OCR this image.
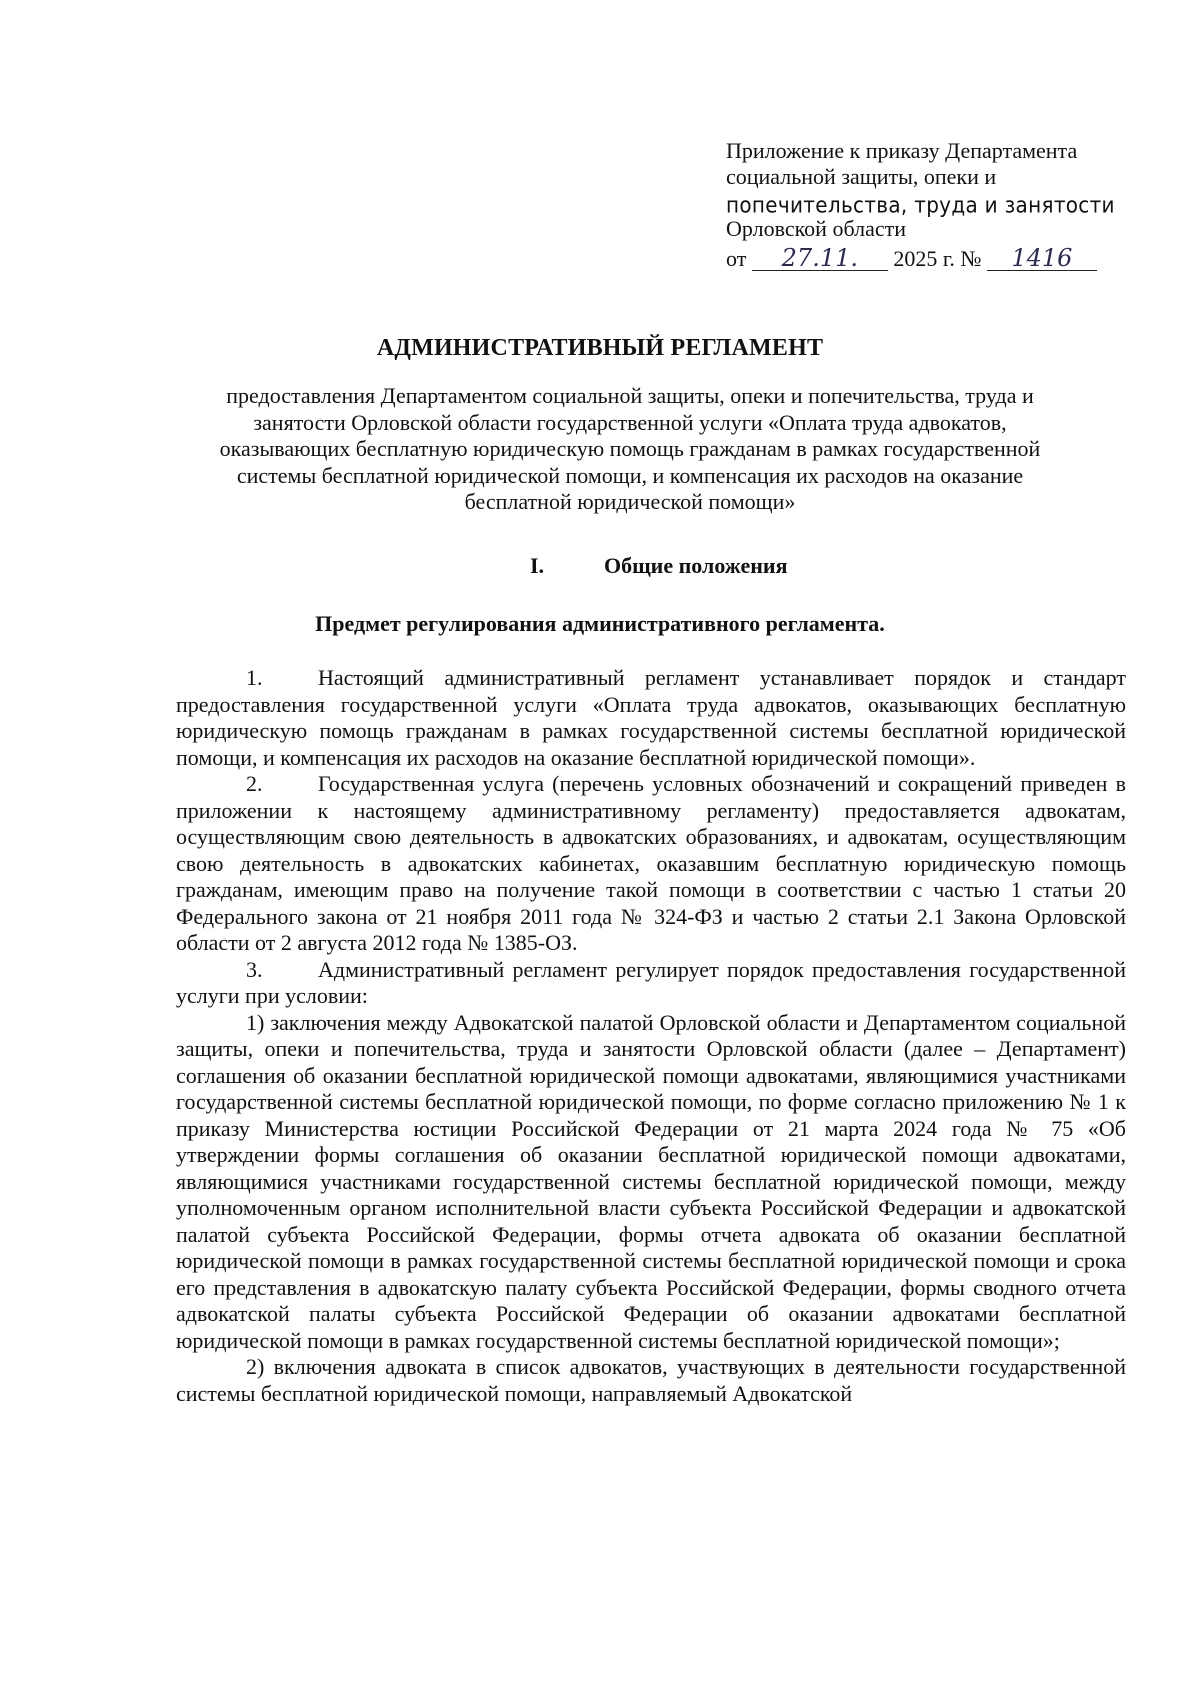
Приложение к приказу Департамента
социальной защиты, опеки и
попечительства, труда и занятости
Орловской области
от 27.11. 2025 г. № 1416
АДМИНИСТРАТИВНЫЙ РЕГЛАМЕНТ
предоставления Департаментом социальной защиты, опеки и попечительства, труда и занятости Орловской области государственной услуги «Оплата труда адвокатов, оказывающих бесплатную юридическую помощь гражданам в рамках государственной системы бесплатной юридической помощи, и компенсация их расходов на оказание бесплатной юридической помощи»
I.	Общие положения
Предмет регулирования административного регламента.

1.	Настоящий административный регламент устанавливает порядок и стандарт предоставления государственной услуги «Оплата труда адвокатов, оказывающих бесплатную юридическую помощь гражданам в рамках государственной системы бесплатной юридической помощи, и компенсация их расходов на оказание бесплатной юридической помощи».

2.	Государственная услуга (перечень условных обозначений и сокращений приведен в приложении к настоящему административному регламенту) предоставляется адвокатам, осуществляющим свою деятельность в адвокатских образованиях, и адвокатам, осуществляющим свою деятельность в адвокатских кабинетах, оказавшим бесплатную юридическую помощь гражданам, имеющим право на получение такой помощи в соответствии с частью 1 статьи 20 Федерального закона от 21 ноября 2011 года № 324-ФЗ и частью 2 статьи 2.1 Закона Орловской области от 2 августа 2012 года № 1385-ОЗ.

3.	Административный регламент регулирует порядок предоставления государственной услуги при условии:

1) заключения между Адвокатской палатой Орловской области и Департаментом социальной защиты, опеки и попечительства, труда и занятости Орловской области (далее – Департамент) соглашения об оказании бесплатной юридической помощи адвокатами, являющимися участниками государственной системы бесплатной юридической помощи, по форме согласно приложению № 1 к приказу Министерства юстиции Российской Федерации от 21 марта 2024 года № 75 «Об утверждении формы соглашения об оказании бесплатной юридической помощи адвокатами, являющимися участниками государственной системы бесплатной юридической помощи, между уполномоченным органом исполнительной власти субъекта Российской Федерации и адвокатской палатой субъекта Российской Федерации, формы отчета адвоката об оказании бесплатной юридической помощи в рамках государственной системы бесплатной юридической помощи и срока его представления в адвокатскую палату субъекта Российской Федерации, формы сводного отчета адвокатской палаты субъекта Российской Федерации об оказании адвокатами бесплатной юридической помощи в рамках государственной системы бесплатной юридической помощи»;

2) включения адвоката в список адвокатов, участвующих в деятельности государственной системы бесплатной юридической помощи, направляемый Адвокатской
